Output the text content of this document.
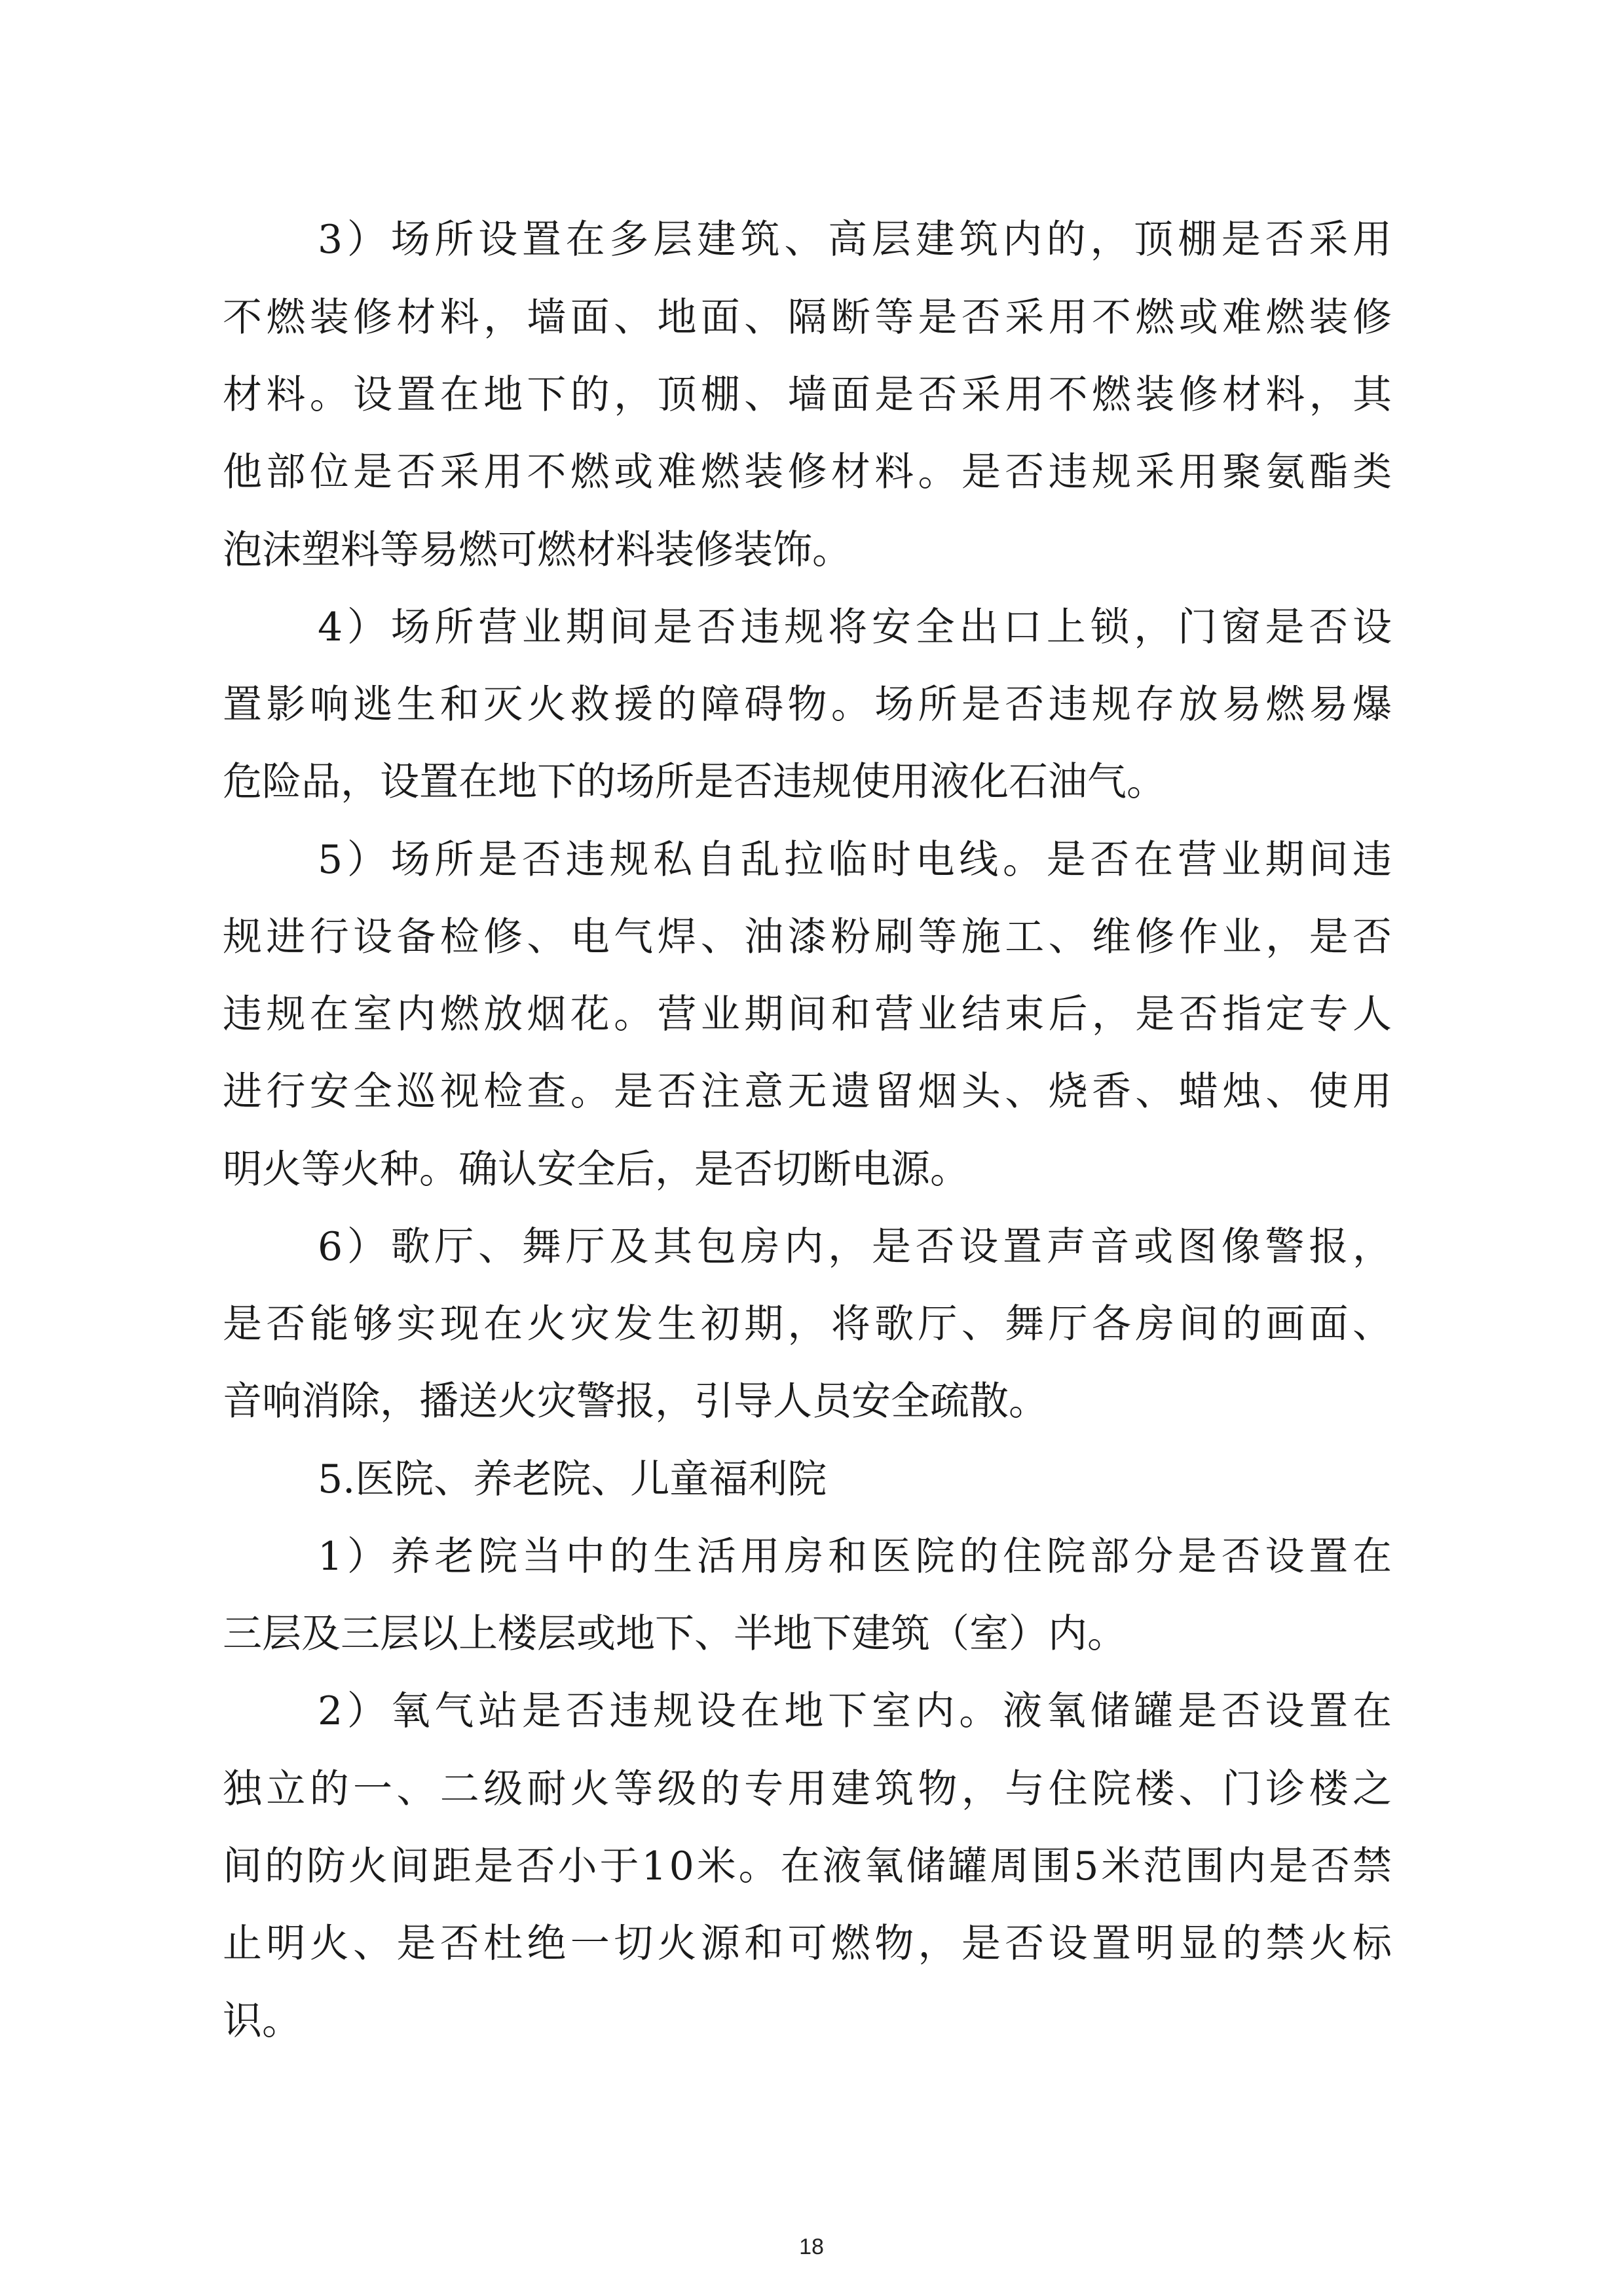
3）场所设置在多层建筑、高层建筑内的，顶棚是否采用
不燃装修材料，墙面、地面、隔断等是否采用不燃或难燃装修
材料。设置在地下的，顶棚、墙面是否采用不燃装修材料，其
他部位是否采用不燃或难燃装修材料。是否违规采用聚氨酯类
泡沫塑料等易燃可燃材料装修装饰。
4）场所营业期间是否违规将安全出口上锁，门窗是否设
置影响逃生和灭火救援的障碍物。场所是否违规存放易燃易爆
危险品，设置在地下的场所是否违规使用液化石油气。
5）场所是否违规私自乱拉临时电线。是否在营业期间违
规进行设备检修、电气焊、油漆粉刷等施工、维修作业，是否
违规在室内燃放烟花。营业期间和营业结束后，是否指定专人
进行安全巡视检查。是否注意无遗留烟头、烧香、蜡烛、使用
明火等火种。确认安全后，是否切断电源。
6）歌厅、舞厅及其包房内，是否设置声音或图像警报，
是否能够实现在火灾发生初期，将歌厅、舞厅各房间的画面、
音响消除，播送火灾警报，引导人员安全疏散。
5.医院、养老院、儿童福利院
1）养老院当中的生活用房和医院的住院部分是否设置在
三层及三层以上楼层或地下、半地下建筑（室）内。
2）氧气站是否违规设在地下室内。液氧储罐是否设置在
独立的一、二级耐火等级的专用建筑物，与住院楼、门诊楼之
间的防火间距是否小于10米。在液氧储罐周围5米范围内是否禁
止明火、是否杜绝一切火源和可燃物，是否设置明显的禁火标
识。
18
